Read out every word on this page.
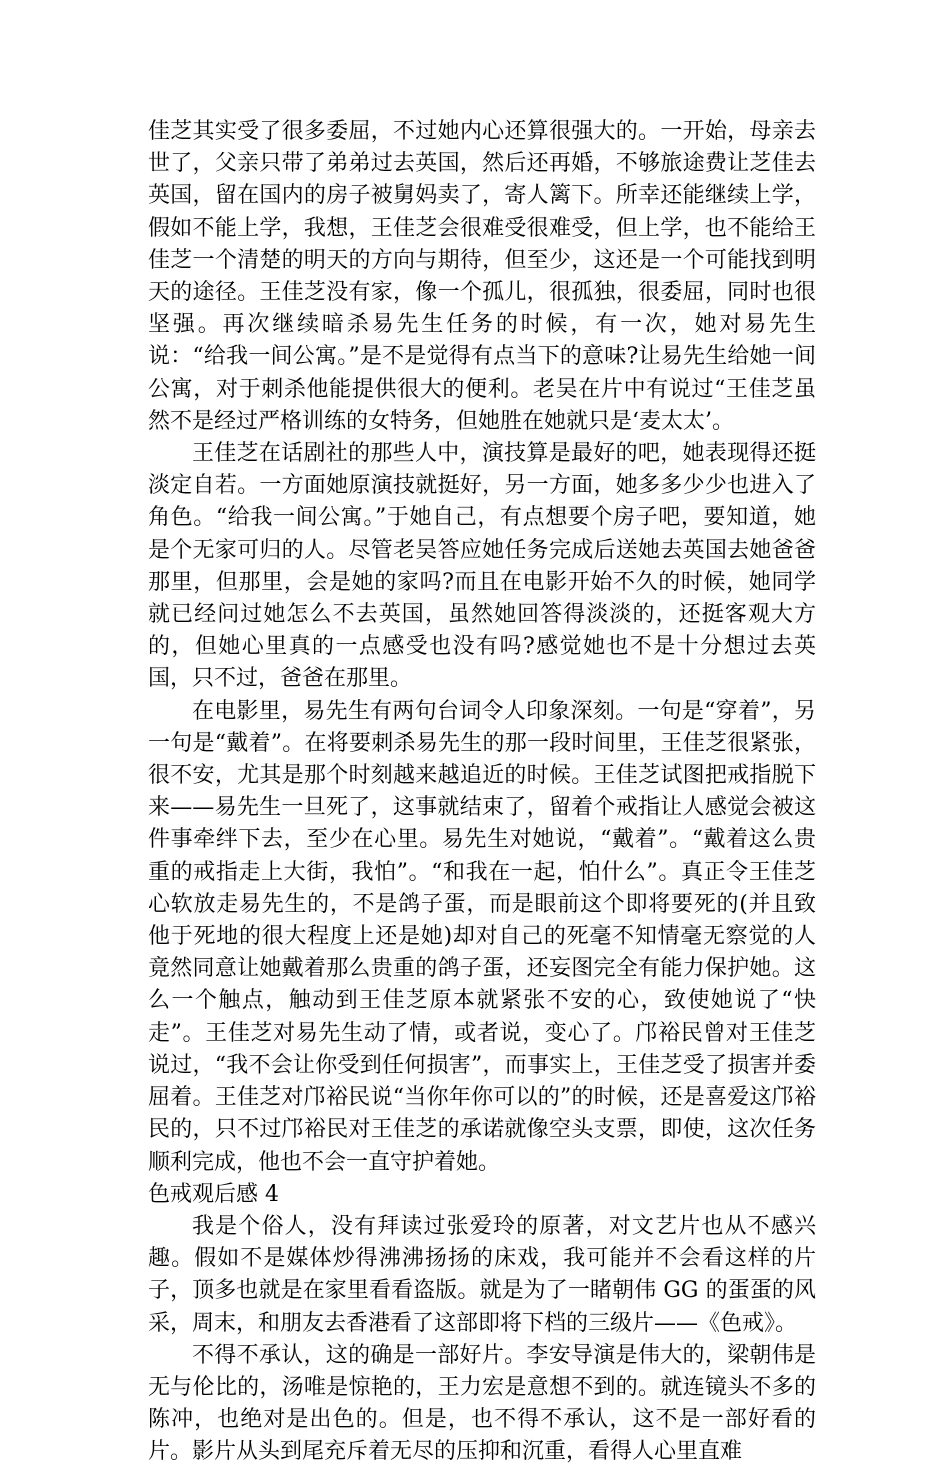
佳芝其实受了很多委屈，不过她内心还算很强大的。一开始，母亲去世了，父亲只带了弟弟过去英国，然后还再婚，不够旅途费让芝佳去英国，留在国内的房子被舅妈卖了，寄人篱下。所幸还能继续上学，假如不能上学，我想，王佳芝会很难受很难受，但上学，也不能给王佳芝一个清楚的明天的方向与期待，但至少，这还是一个可能找到明天的途径。王佳芝没有家，像一个孤儿，很孤独，很委屈，同时也很坚强。再次继续暗杀易先生任务的时候，有一次，她对易先生说：“给我一间公寓。”是不是觉得有点当下的意味?让易先生给她一间公寓，对于刺杀他能提供很大的便利。老吴在片中有说过“王佳芝虽然不是经过严格训练的女特务，但她胜在她就只是‘麦太太’。

王佳芝在话剧社的那些人中，演技算是最好的吧，她表现得还挺淡定自若。一方面她原演技就挺好，另一方面，她多多少少也进入了角色。“给我一间公寓。”于她自己，有点想要个房子吧，要知道，她是个无家可归的人。尽管老吴答应她任务完成后送她去英国去她爸爸那里，但那里，会是她的家吗?而且在电影开始不久的时候，她同学就已经问过她怎么不去英国，虽然她回答得淡淡的，还挺客观大方的，但她心里真的一点感受也没有吗?感觉她也不是十分想过去英国，只不过，爸爸在那里。

在电影里，易先生有两句台词令人印象深刻。一句是“穿着”，另一句是“戴着”。在将要刺杀易先生的那一段时间里，王佳芝很紧张，很不安，尤其是那个时刻越来越追近的时候。王佳芝试图把戒指脱下来——易先生一旦死了，这事就结束了，留着个戒指让人感觉会被这件事牵绊下去，至少在心里。易先生对她说，“戴着”。“戴着这么贵重的戒指走上大街，我怕”。“和我在一起，怕什么”。真正令王佳芝心软放走易先生的，不是鸽子蛋，而是眼前这个即将要死的(并且致他于死地的很大程度上还是她)却对自己的死毫不知情毫无察觉的人竟然同意让她戴着那么贵重的鸽子蛋，还妄图完全有能力保护她。这么一个触点，触动到王佳芝原本就紧张不安的心，致使她说了“快走”。王佳芝对易先生动了情，或者说，变心了。邝裕民曾对王佳芝说过，“我不会让你受到任何损害”，而事实上，王佳芝受了损害并委屈着。王佳芝对邝裕民说“当你年你可以的”的时候，还是喜爱这邝裕民的，只不过邝裕民对王佳芝的承诺就像空头支票，即使，这次任务顺利完成，他也不会一直守护着她。

色戒观后感 4

我是个俗人，没有拜读过张爱玲的原著，对文艺片也从不感兴趣。假如不是媒体炒得沸沸扬扬的床戏，我可能并不会看这样的片子，顶多也就是在家里看看盗版。就是为了一睹朝伟 GG 的蛋蛋的风采，周末，和朋友去香港看了这部即将下档的三级片——《色戒》。

不得不承认，这的确是一部好片。李安导演是伟大的，梁朝伟是无与伦比的，汤唯是惊艳的，王力宏是意想不到的。就连镜头不多的陈冲，也绝对是出色的。但是，也不得不承认，这不是一部好看的片。影片从头到尾充斥着无尽的压抑和沉重，看得人心里直难
